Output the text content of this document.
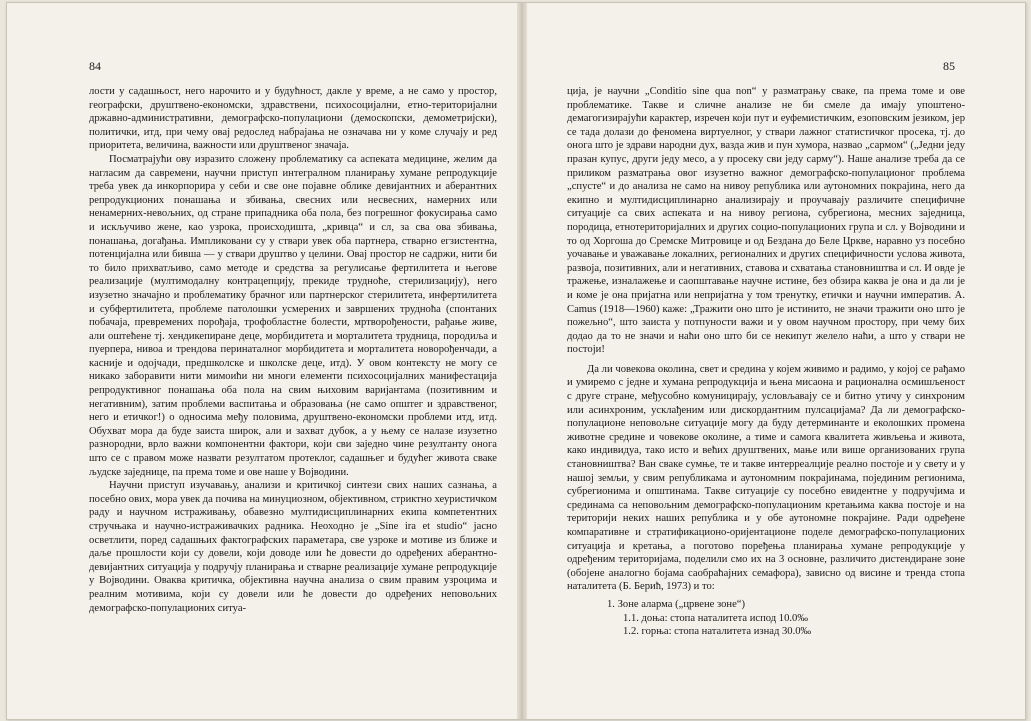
84

лости у садашњост, него нарочито и у будућност, дакле у време, а не само у простор, географски, друштвено-економски, здравствени, психосоцијални, етно-територијални државно-административни, демографско-популациони (демоскопски, демометријски), политички, итд, при чему овај редослед набрајања не означава ни у коме случају и ред приоритета, величина, важности или друштвеног значаја.

Посматрајући ову изразито сложену проблематику са аспеката медицине, желим да нагласим да савремени, научни приступ интегралном планирању хумане репродукције треба увек да инкорпорира у себи и све оне појавне облике девијантних и аберантних репродукционих понашања и збивања, свесних или несвесних, намерних или ненамерних-невољних, од стране припадника оба пола, без погрешног фокусирања само и искључиво жене, као узрока, происходишта, „кривца“ и сл, за сва ова збивања, понашања, догађања. Импликовани су у ствари увек оба партнера, стварно егзистентна, потенцијална или бивша — у ствари друштво у целини. Овај простор не садржи, нити би то било прихватљиво, само методе и средства за регулисање фертилитета и његове реализације (мултимодалну контрацепцију, прекиде трудноће, стерилизацију), него изузетно значајно и проблематику брачног или партнерског стерилитета, инфертилитета и субфертилитета, проблеме патолошки усмерених и завршених трудноћа (спонтаних побачаја, превремених порођаја, трофобластне болести, мртворођености, рађање живе, али оштећене тј. хендикепиране деце, морбидитета и морталитета трудница, породиља и пуерпера, нивоа и трендова перинаталног морбидитета и морталитета новорођенчади, а касније и одојчади, предшколске и школске деце, итд). У овом контексту не могу се никако заборавити нити мимоићи ни многи елементи психосоцијалних манифестација репродуктивног понашања оба пола на свим њиховим варијантама (позитивним и негативним), затим проблеми васпитања и образовања (не само општег и здравственог, него и етичког!) о односима међу половима, друштвено-економски проблеми итд, итд. Обухват мора да буде заиста широк, али и захват дубок, а у њему се налазе изузетно разнородни, врло важни компонентни фактори, који сви заједно чине резултанту онога што се с правом може назвати резултатом протеклог, садашњег и будућег живота сваке људске заједнице, па према томе и ове наше у Војводини.

Научни приступ изучавању, анализи и критичкој синтези свих наших сазнања, а посебно ових, мора увек да почива на минуциозном, објективном, стриктно хеуристичком раду и научном истраживању, обавезно мултидисциплинарних екипа компетентних стручњака и научно-истраживачких радника. Неоходно је „Sine ira et studio“ јасно осветлити, поред садашњих фактографских параметара, све узроке и мотиве из ближе и даље прошлости који су довели, који доводе или ће довести до одређених аберантно-девијантних ситуација у подручју планирања и стварне реализације хумане репродукције у Војводини. Оваква критичка, објективна научна анализа о свим правим узроцима и реалним мотивима, који су довели или ће довести до одређених неповољних демографско-популационих ситуа-

85

ција, је научни „Conditio sine qua non“ у разматрању сваке, па према томе и ове проблематике. Такве и сличне анализе не би смеле да имају упоштено-демагогизирајући карактер, изречен који пут и еуфемистичким, езоповским језиком, јер се тада долази до феномена виртуелног, у ствари лажног статистичког просека, тј. до онога што је здрави народни дух, вазда жив и пун хумора, назвао „сармом“ („Једни једу празан купус, други једу месо, а у просеку сви једу сарму“). Наше анализе треба да се приликом разматрања овог изузетно важног демографско-популационог проблема „спусте“ и до анализа не само на нивоу република или аутономних покрајина, него да екипно и мултидисциплинарно анализирају и проучавају различите специфичне ситуације са свих аспеката и на нивоу региона, субрегиона, месних заједница, породица, етнотериторијалних и других социо-популационих група и сл. у Војводини и то од Хоргоша до Сремске Митровице и од Бездана до Беле Цркве, наравно уз посебно уочавање и уважавање локалних, регионалних и других специфичности услова живота, развоја, позитивних, али и негативних, ставова и схватања становништва и сл. И овде је тражење, изналажење и саопштавање научне истине, без обзира каква је она и да ли је и коме је она пријатна или непријатна у том тренутку, етички и научни императив. А. Camus (1918—1960) каже: „Тражити оно што је истинито, не значи тражити оно што је пожељно“, што заиста у потпуности важи и у овом научном простору, при чему бих додао да то не значи и наћи оно што би се некипут желело наћи, а што у ствари не постоји!

Да ли човекова околина, свет и средина у којем живимо и радимо, у којој се рађамо и умиремо с једне и хумана репродукција и њена мисаона и рационална осмишљеност с друге стране, међусобно комуницирају, условљавају се и битно утичу у синхроним или асинхроним, усклађеним или дискордантним пулсацијама? Да ли демографско-популационе неповољне ситуације могу да буду детерминанте и еколошких промена животне средине и човекове околине, а тиме и самога квалитета живљења и живота, како индивидуа, тако исто и већих друштвених, мање или више организованих група становништва? Ван сваке сумње, те и такве интерреалције реално постоје и у свету и у нашој земљи, у свим републикама и аутономним покрајинама, појединим регионима, субрегионима и општинама. Такве ситуације су посебно евидентне у подручјима и срединама са неповољним демографско-популационим кретањима каква постоје и на територији неких наших република и у обе аутономне покрајине. Ради одређене компаративне и стратификационо-оријентационе поделе демографско-популационих ситуација и кретања, а поготово поређења планирања хумане репродукције у одређеним територијама, поделили смо их на 3 основне, различито дистендиране зоне (обојене аналогно бојама саобраћајних семафора), зависно од висине и тренда стопа наталитета (Б. Берић, 1973) и то:

1. Зоне аларма („црвене зоне“)
1.1. доња: стопа наталитета испод 10.0‰
1.2. горња: стопа наталитета изнад 30.0‰
